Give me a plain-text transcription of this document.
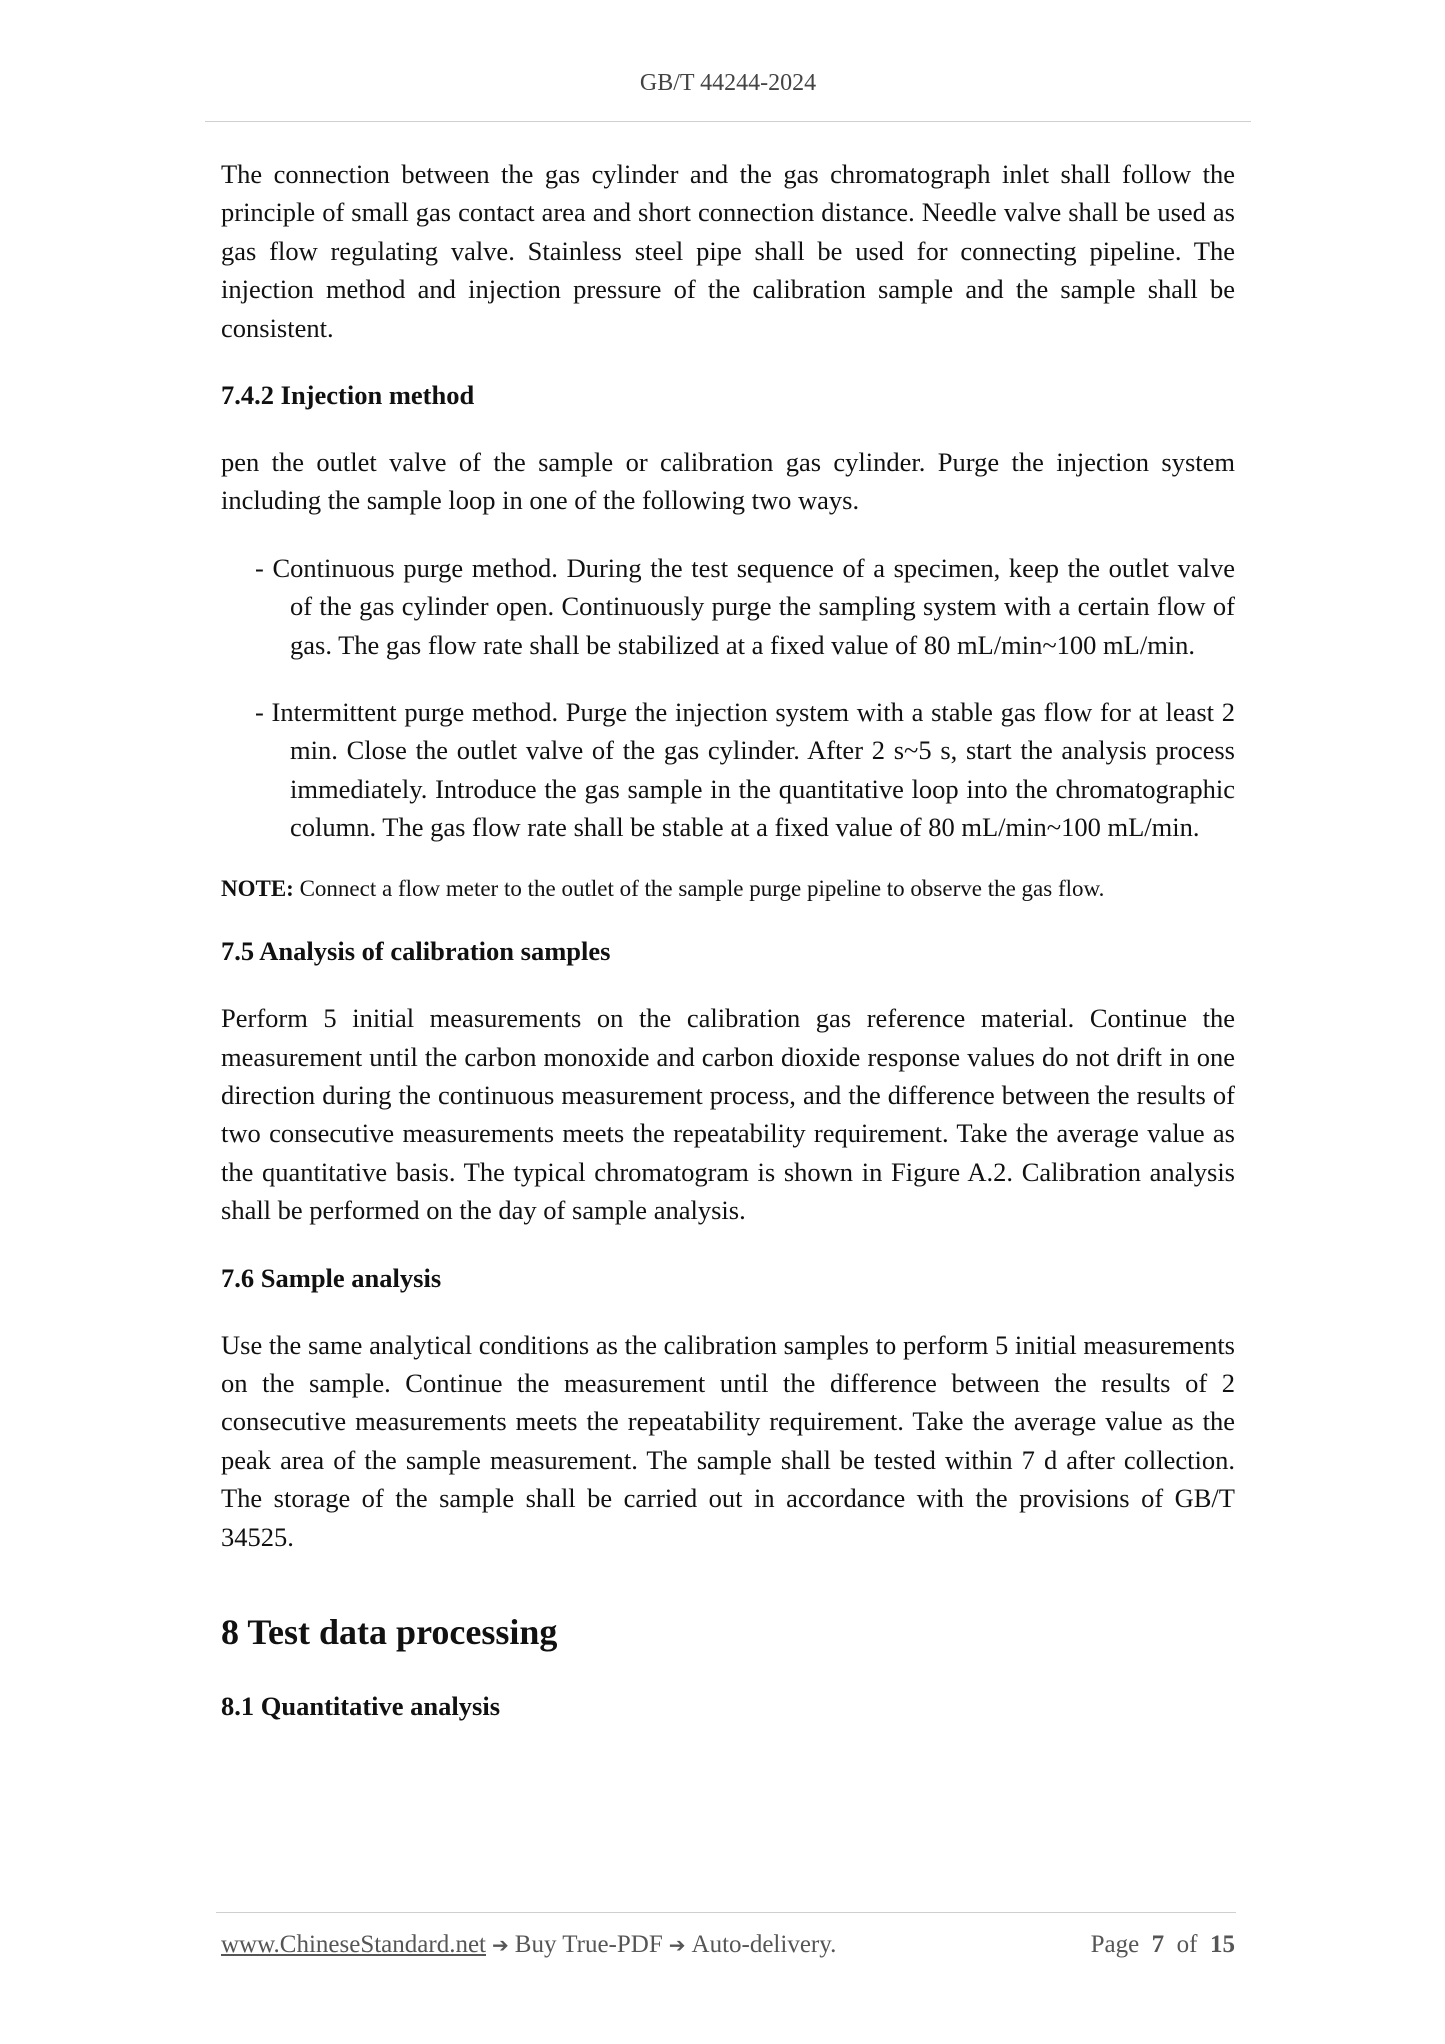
GB/T 44244-2024

The connection between the gas cylinder and the gas chromatograph inlet shall follow the principle of small gas contact area and short connection distance. Needle valve shall be used as gas flow regulating valve. Stainless steel pipe shall be used for connecting pipeline. The injection method and injection pressure of the calibration sample and the sample shall be consistent.

7.4.2 Injection method

pen the outlet valve of the sample or calibration gas cylinder. Purge the injection system including the sample loop in one of the following two ways.

- Continuous purge method. During the test sequence of a specimen, keep the outlet valve of the gas cylinder open. Continuously purge the sampling system with a certain flow of gas. The gas flow rate shall be stabilized at a fixed value of 80 mL/min~100 mL/min.

- Intermittent purge method. Purge the injection system with a stable gas flow for at least 2 min. Close the outlet valve of the gas cylinder. After 2 s~5 s, start the analysis process immediately. Introduce the gas sample in the quantitative loop into the chromatographic column. The gas flow rate shall be stable at a fixed value of 80 mL/min~100 mL/min.

NOTE: Connect a flow meter to the outlet of the sample purge pipeline to observe the gas flow.

7.5 Analysis of calibration samples

Perform 5 initial measurements on the calibration gas reference material. Continue the measurement until the carbon monoxide and carbon dioxide response values do not drift in one direction during the continuous measurement process, and the difference between the results of two consecutive measurements meets the repeatability requirement. Take the average value as the quantitative basis. The typical chromatogram is shown in Figure A.2. Calibration analysis shall be performed on the day of sample analysis.

7.6 Sample analysis

Use the same analytical conditions as the calibration samples to perform 5 initial measurements on the sample. Continue the measurement until the difference between the results of 2 consecutive measurements meets the repeatability requirement. Take the average value as the peak area of the sample measurement. The sample shall be tested within 7 d after collection. The storage of the sample shall be carried out in accordance with the provisions of GB/T 34525.

8 Test data processing
8.1 Quantitative analysis
www.ChineseStandard.net ➔ Buy True-PDF ➔ Auto-delivery.	Page 7 of 15
